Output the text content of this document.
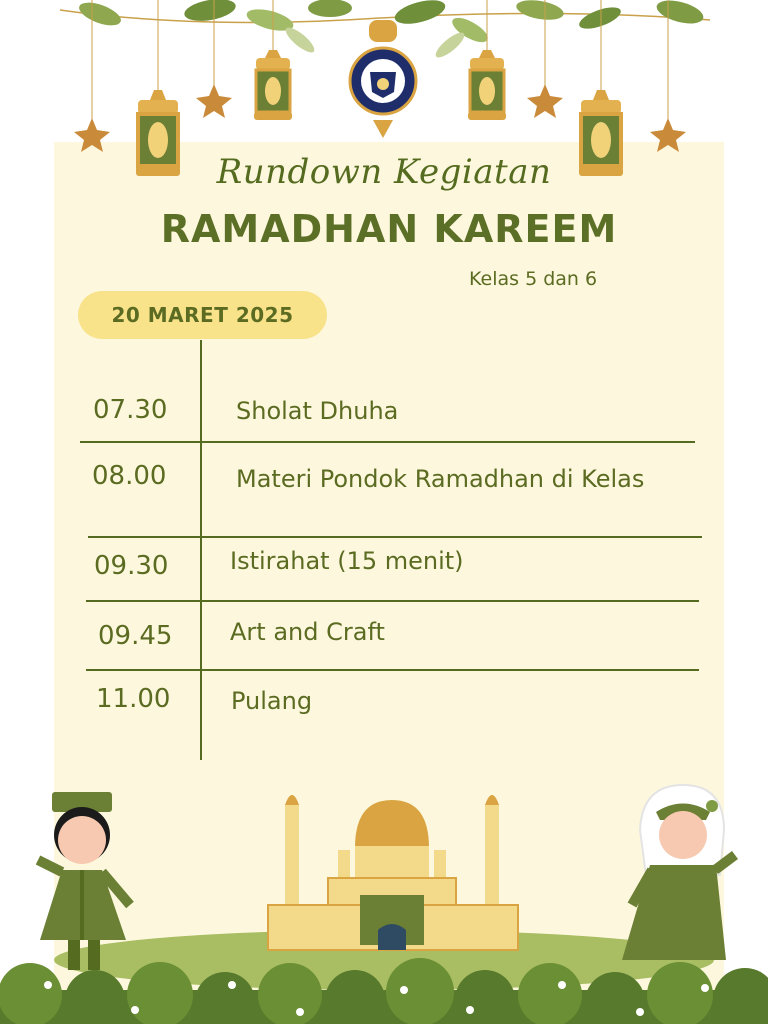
Rundown Kegiatan
RAMADHAN KAREEM
Kelas 5 dan 6
20 MARET 2025
07.30	Sholat Dhuha
08.00	Materi Pondok Ramadhan di Kelas
09.30	Istirahat (15 menit)
09.45 Art and Craft
11.00	Pulang
